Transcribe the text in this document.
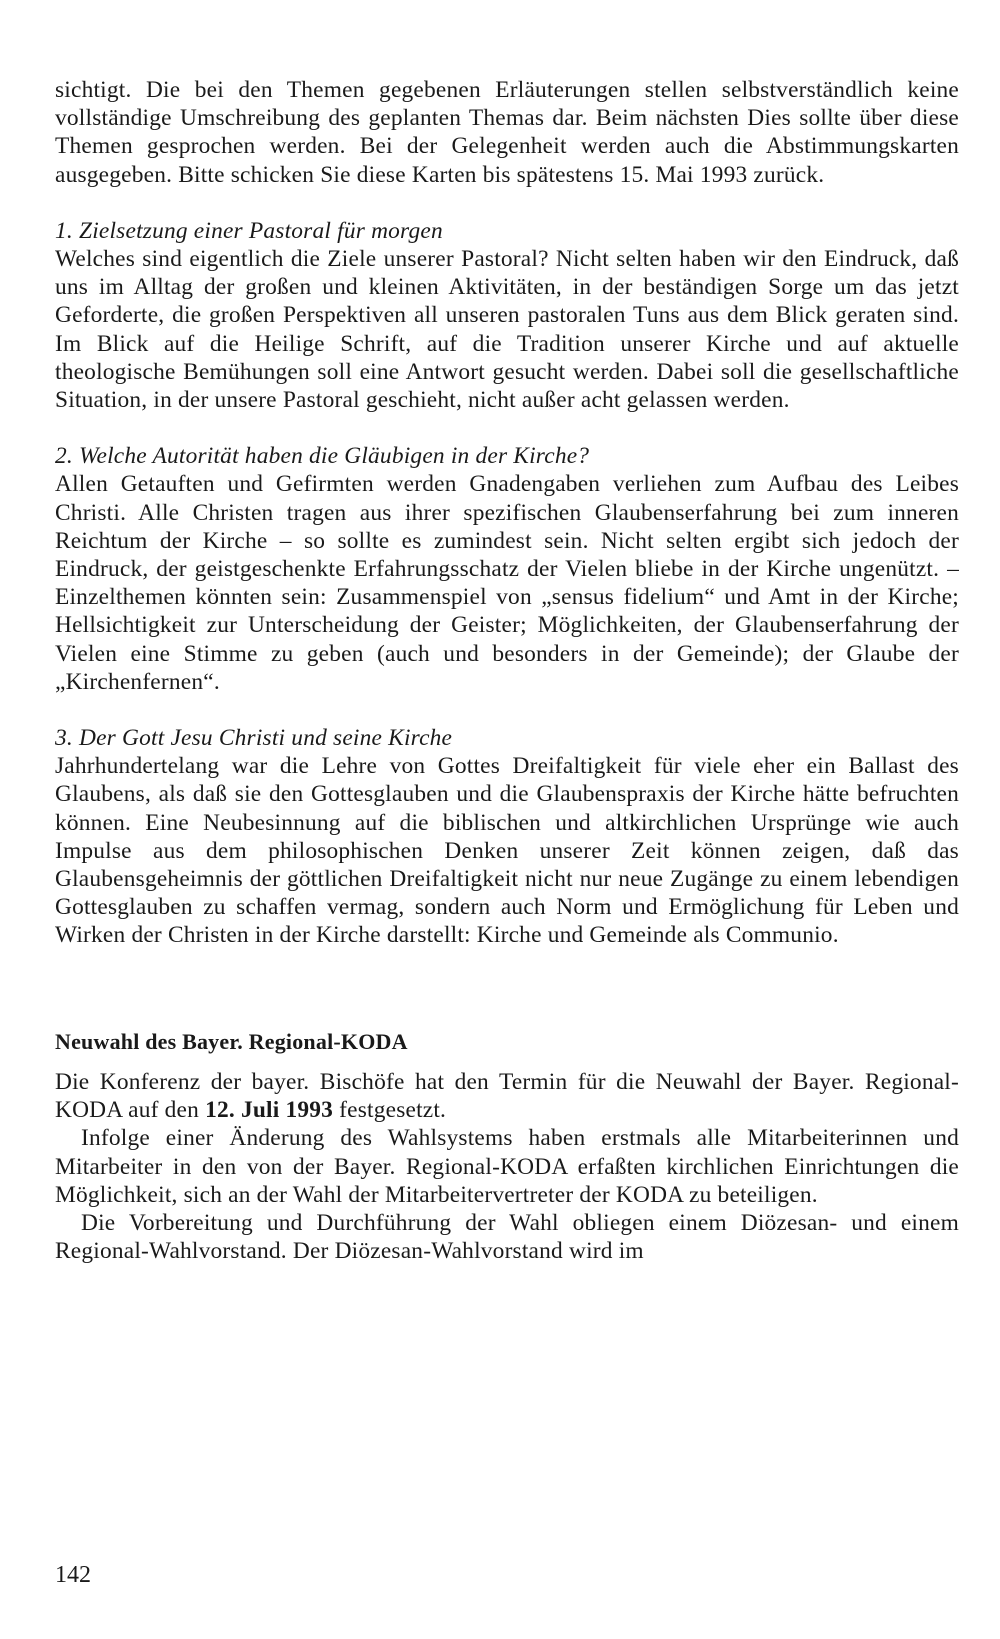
sichtigt. Die bei den Themen gegebenen Erläuterungen stellen selbstverständlich keine vollständige Umschreibung des geplanten Themas dar. Beim nächsten Dies sollte über diese Themen gesprochen werden. Bei der Gelegenheit werden auch die Abstimmungskarten ausgegeben. Bitte schicken Sie diese Karten bis spätestens 15. Mai 1993 zurück.

1. Zielsetzung einer Pastoral für morgen

Welches sind eigentlich die Ziele unserer Pastoral? Nicht selten haben wir den Eindruck, daß uns im Alltag der großen und kleinen Aktivitäten, in der beständigen Sorge um das jetzt Geforderte, die großen Perspektiven all unseren pastoralen Tuns aus dem Blick geraten sind. Im Blick auf die Heilige Schrift, auf die Tradition unserer Kirche und auf aktuelle theologische Bemühungen soll eine Antwort gesucht werden. Dabei soll die gesellschaftliche Situation, in der unsere Pastoral geschieht, nicht außer acht gelassen werden.

2. Welche Autorität haben die Gläubigen in der Kirche?

Allen Getauften und Gefirmten werden Gnadengaben verliehen zum Aufbau des Leibes Christi. Alle Christen tragen aus ihrer spezifischen Glaubenserfahrung bei zum inneren Reichtum der Kirche – so sollte es zumindest sein. Nicht selten ergibt sich jedoch der Eindruck, der geistgeschenkte Erfahrungsschatz der Vielen bliebe in der Kirche ungenützt. – Einzelthemen könnten sein: Zusammenspiel von „sensus fidelium“ und Amt in der Kirche; Hellsichtigkeit zur Unterscheidung der Geister; Möglichkeiten, der Glaubenserfahrung der Vielen eine Stimme zu geben (auch und besonders in der Gemeinde); der Glaube der „Kirchenfernen“.

3. Der Gott Jesu Christi und seine Kirche

Jahrhundertelang war die Lehre von Gottes Dreifaltigkeit für viele eher ein Ballast des Glaubens, als daß sie den Gottesglauben und die Glaubenspraxis der Kirche hätte befruchten können. Eine Neubesinnung auf die biblischen und altkirchlichen Ursprünge wie auch Impulse aus dem philosophischen Denken unserer Zeit können zeigen, daß das Glaubensgeheimnis der göttlichen Dreifaltigkeit nicht nur neue Zugänge zu einem lebendigen Gottesglauben zu schaffen vermag, sondern auch Norm und Ermöglichung für Leben und Wirken der Christen in der Kirche darstellt: Kirche und Gemeinde als Communio.

Neuwahl des Bayer. Regional-KODA

Die Konferenz der bayer. Bischöfe hat den Termin für die Neuwahl der Bayer. Regional-KODA auf den 12. Juli 1993 festgesetzt.

Infolge einer Änderung des Wahlsystems haben erstmals alle Mitarbeiterinnen und Mitarbeiter in den von der Bayer. Regional-KODA erfaßten kirchlichen Einrichtungen die Möglichkeit, sich an der Wahl der Mitarbeitervertreter der KODA zu beteiligen.

Die Vorbereitung und Durchführung der Wahl obliegen einem Diözesan- und einem Regional-Wahlvorstand. Der Diözesan-Wahlvorstand wird im

142
